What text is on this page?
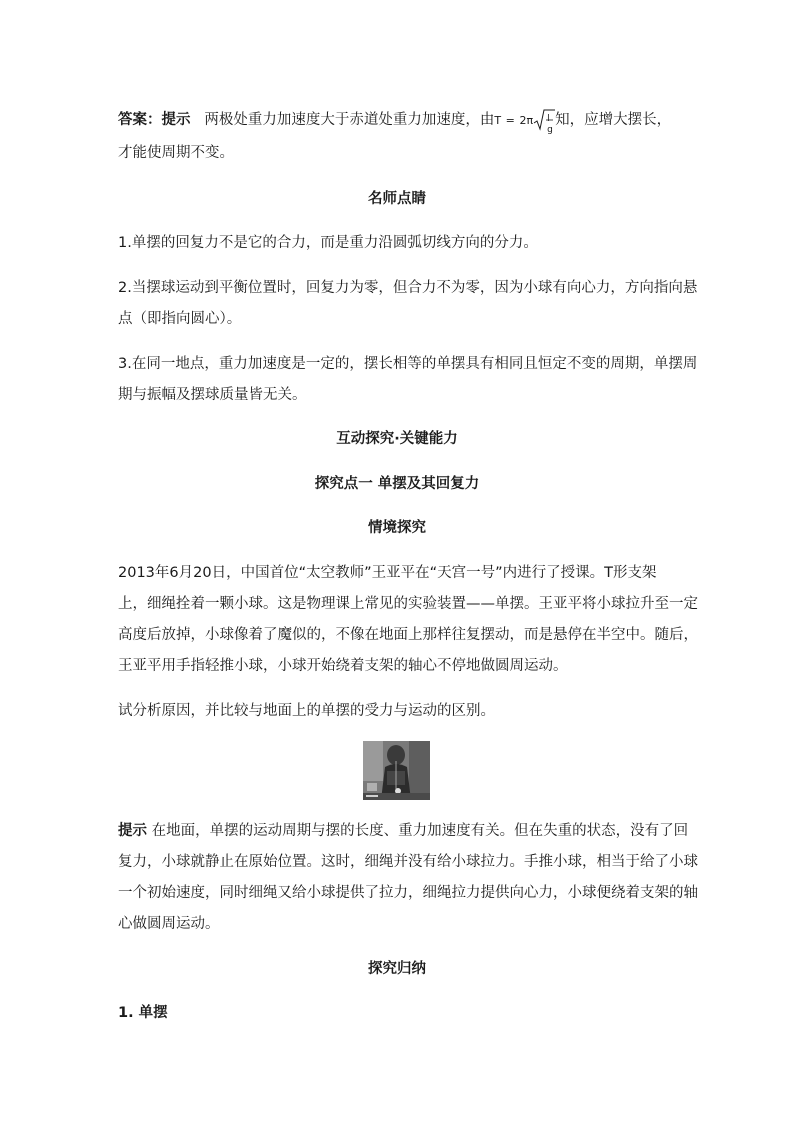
答案：提示 两极处重力加速度大于赤道处重力加速度，由T = 2π l
g
知，应增大摆长，
才能使周期不变。
名师点睛
1.单摆的回复力不是它的合力，而是重力沿圆弧切线方向的分力。
2.当摆球运动到平衡位置时，回复力为零，但合力不为零，因为小球有向心力，方向指向悬
点（即指向圆心）。
3.在同一地点，重力加速度是一定的，摆长相等的单摆具有相同且恒定不变的周期，单摆周
期与振幅及摆球质量皆无关。
互动探究·关键能力
探究点一 单摆及其回复力
情境探究
2013年6月20日，中国首位“太空教师”王亚平在“天宫一号”内进行了授课。T形支架
上，细绳拴着一颗小球。这是物理课上常见的实验装置——单摆。王亚平将小球拉升至一定
高度后放掉，小球像着了魔似的，不像在地面上那样往复摆动，而是悬停在半空中。随后，
王亚平用手指轻推小球，小球开始绕着支架的轴心不停地做圆周运动。
试分析原因，并比较与地面上的单摆的受力与运动的区别。
提示 在地面，单摆的运动周期与摆的长度、重力加速度有关。但在失重的状态，没有了回
复力，小球就静止在原始位置。这时，细绳并没有给小球拉力。手推小球，相当于给了小球
一个初始速度，同时细绳又给小球提供了拉力，细绳拉力提供向心力，小球便绕着支架的轴
心做圆周运动。
探究归纳
1. 单摆
